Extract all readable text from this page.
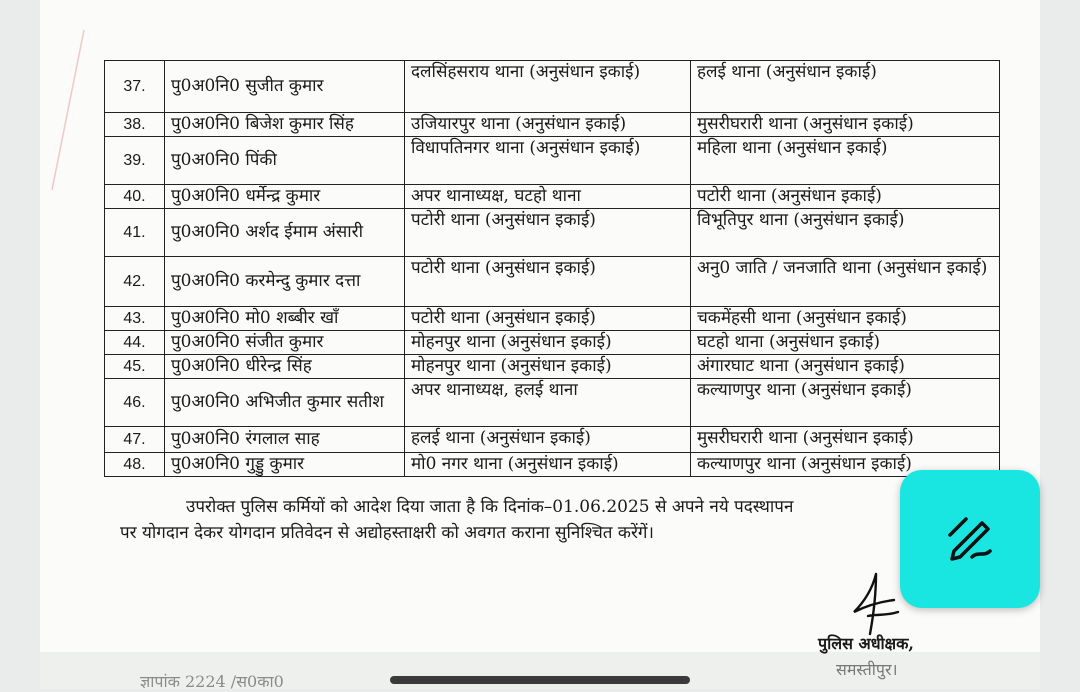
37.	पु0अ0नि0 सुजीत कुमार	दलसिंहसराय थाना (अनुसंधान इकाई)	हलई थाना (अनुसंधान इकाई)
38.	पु0अ0नि0 बिजेश कुमार सिंह	उजियारपुर थाना (अनुसंधान इकाई)	मुसरीघरारी थाना (अनुसंधान इकाई)
39.	पु0अ0नि0 पिंकी	विधापतिनगर थाना (अनुसंधान इकाई)	महिला थाना (अनुसंधान इकाई)
40.	पु0अ0नि0 धर्मेन्द्र कुमार	अपर थानाध्यक्ष, घटहो थाना	पटोरी थाना (अनुसंधान इकाई)
41.	पु0अ0नि0 अर्शद ईमाम अंसारी	पटोरी थाना (अनुसंधान इकाई)	विभूतिपुर थाना (अनुसंधान इकाई)
42.	पु0अ0नि0 करमेन्दु कुमार दत्ता	पटोरी थाना (अनुसंधान इकाई)	अनु0 जाति / जनजाति थाना (अनुसंधान इकाई)
43.	पु0अ0नि0 मो0 शब्बीर खॉं	पटोरी थाना (अनुसंधान इकाई)	चकमेंहसी थाना (अनुसंधान इकाई)
44.	पु0अ0नि0 संजीत कुमार	मोहनपुर थाना (अनुसंधान इकाई)	घटहो थाना (अनुसंधान इकाई)
45.	पु0अ0नि0 धीरेन्द्र सिंह	मोहनपुर थाना (अनुसंधान इकाई)	अंगारघाट थाना (अनुसंधान इकाई)
46.	पु0अ0नि0 अभिजीत कुमार सतीश	अपर थानाध्यक्ष, हलई थाना	कल्याणपुर थाना (अनुसंधान इकाई)
47.	पु0अ0नि0 रंगलाल साह	हलई थाना (अनुसंधान इकाई)	मुसरीघरारी थाना (अनुसंधान इकाई)
48.	पु0अ0नि0 गुड्डु कुमार	मो0 नगर थाना (अनुसंधान इकाई)	कल्याणपुर थाना (अनुसंधान इकाई)
उपरोक्त पुलिस कर्मियों को आदेश दिया जाता है कि दिनांक–01.06.2025 से अपने नये पदस्थापन
पर योगदान देकर योगदान प्रतिवेदन से अद्योहस्ताक्षरी को अवगत कराना सुनिश्चित करेंगें।
पुलिस अधीक्षक,
समस्तीपुर।
ज्ञापांक 2224 /स0का0
